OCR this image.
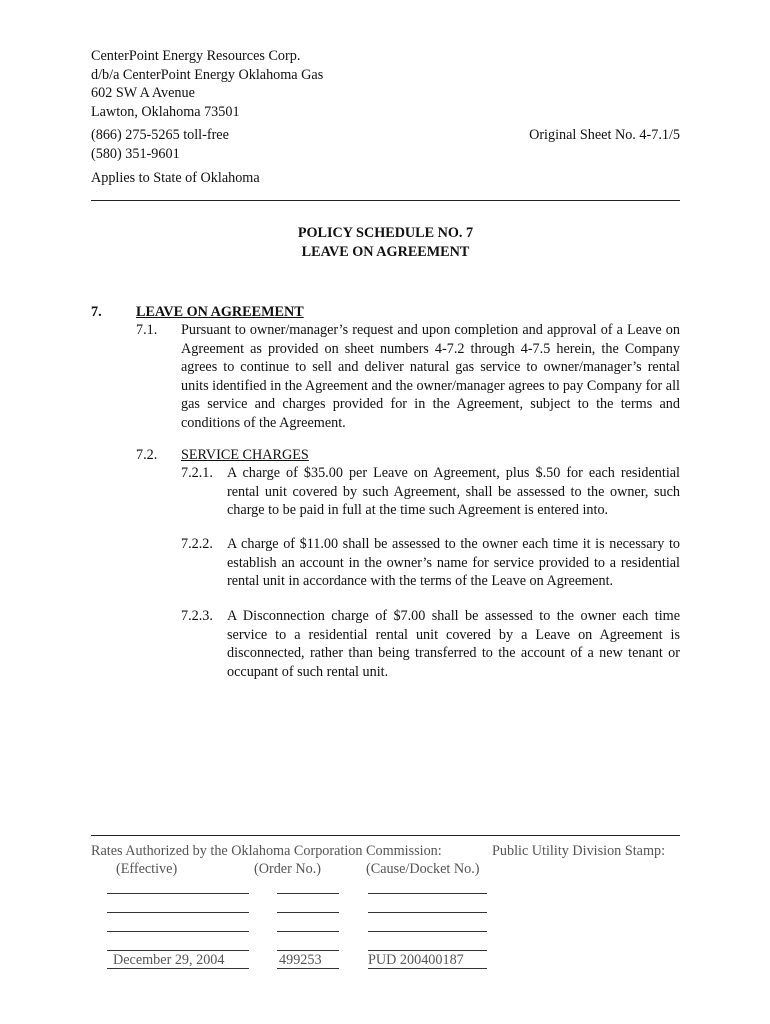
CenterPoint Energy Resources Corp.
d/b/a CenterPoint Energy Oklahoma Gas
602 SW A Avenue
Lawton, Oklahoma 73501
(866) 275-5265 toll-free
(580) 351-9601
Original Sheet No. 4-7.1/5
Applies to State of Oklahoma
POLICY SCHEDULE NO. 7
LEAVE ON AGREEMENT
7. LEAVE ON AGREEMENT
7.1. Pursuant to owner/manager’s request and upon completion and approval of a Leave on Agreement as provided on sheet numbers 4-7.2 through 4-7.5 herein, the Company agrees to continue to sell and deliver natural gas service to owner/manager’s rental units identified in the Agreement and the owner/manager agrees to pay Company for all gas service and charges provided for in the Agreement, subject to the terms and conditions of the Agreement.
7.2. SERVICE CHARGES
7.2.1. A charge of $35.00 per Leave on Agreement, plus $.50 for each residential rental unit covered by such Agreement, shall be assessed to the owner, such charge to be paid in full at the time such Agreement is entered into.
7.2.2. A charge of $11.00 shall be assessed to the owner each time it is necessary to establish an account in the owner’s name for service provided to a residential rental unit in accordance with the terms of the Leave on Agreement.
7.2.3. A Disconnection charge of $7.00 shall be assessed to the owner each time service to a residential rental unit covered by a Leave on Agreement is disconnected, rather than being transferred to the account of a new tenant or occupant of such rental unit.
Rates Authorized by the Oklahoma Corporation Commission:	Public Utility Division Stamp:
(Effective)	(Order No.)	(Cause/Docket No.)
December 29, 2004	499253	PUD 200400187
